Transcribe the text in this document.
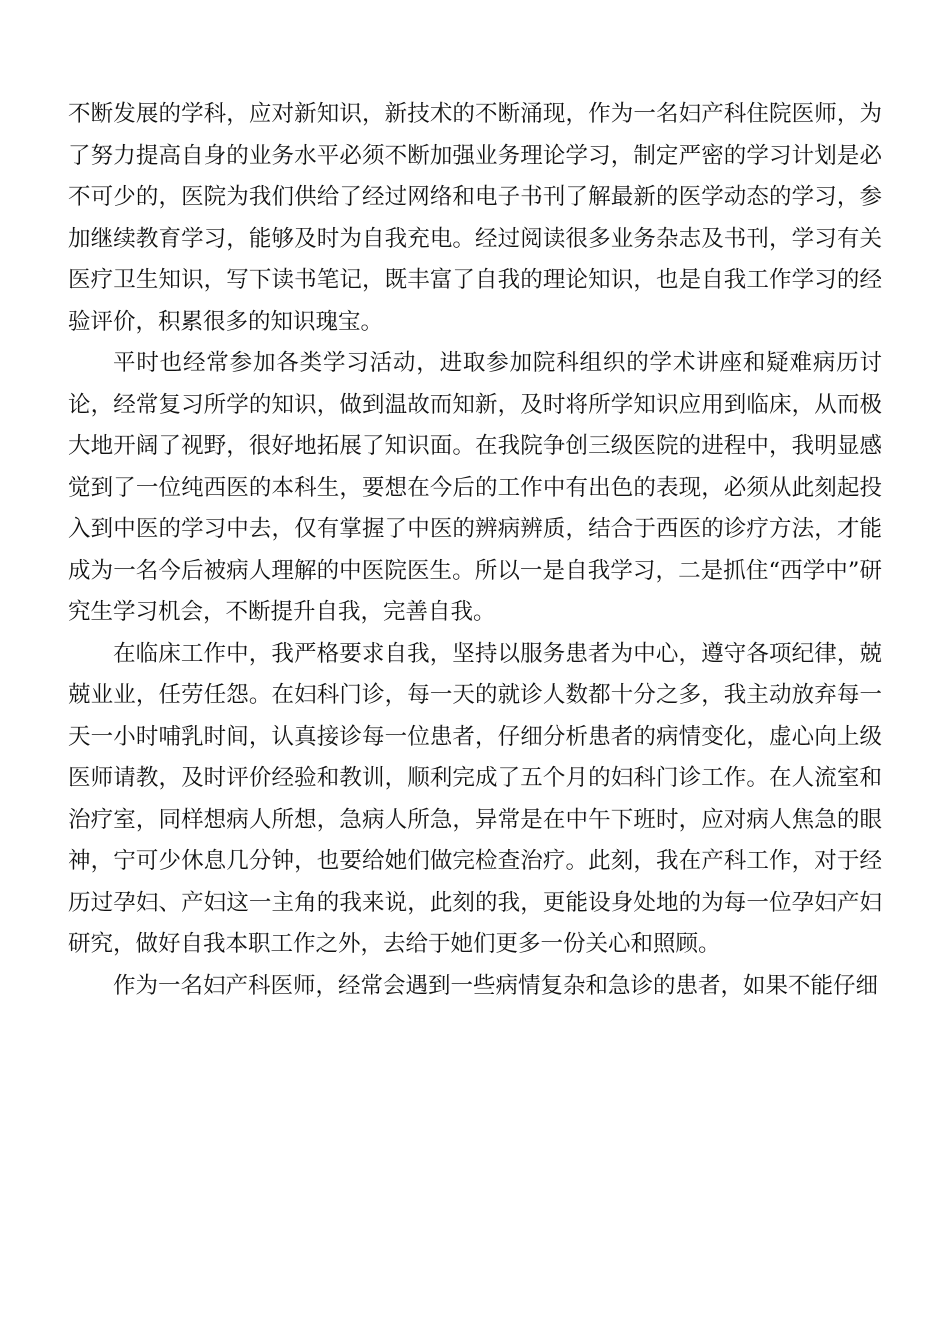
不断发展的学科，应对新知识，新技术的不断涌现，作为一名妇产科住院医师，为了努力提高自身的业务水平必须不断加强业务理论学习，制定严密的学习计划是必不可少的，医院为我们供给了经过网络和电子书刊了解最新的医学动态的学习，参加继续教育学习，能够及时为自我充电。经过阅读很多业务杂志及书刊，学习有关医疗卫生知识，写下读书笔记，既丰富了自我的理论知识，也是自我工作学习的经验评价，积累很多的知识瑰宝。

平时也经常参加各类学习活动，进取参加院科组织的学术讲座和疑难病历讨论，经常复习所学的知识，做到温故而知新，及时将所学知识应用到临床，从而极大地开阔了视野，很好地拓展了知识面。在我院争创三级医院的进程中，我明显感觉到了一位纯西医的本科生，要想在今后的工作中有出色的表现，必须从此刻起投入到中医的学习中去，仅有掌握了中医的辨病辨质，结合于西医的诊疗方法，才能成为一名今后被病人理解的中医院医生。所以一是自我学习，二是抓住“西学中”研究生学习机会，不断提升自我，完善自我。

在临床工作中，我严格要求自我，坚持以服务患者为中心，遵守各项纪律，兢兢业业，任劳任怨。在妇科门诊，每一天的就诊人数都十分之多，我主动放弃每一天一小时哺乳时间，认真接诊每一位患者，仔细分析患者的病情变化，虚心向上级医师请教，及时评价经验和教训，顺利完成了五个月的妇科门诊工作。在人流室和治疗室，同样想病人所想，急病人所急，异常是在中午下班时，应对病人焦急的眼神，宁可少休息几分钟，也要给她们做完检查治疗。此刻，我在产科工作，对于经历过孕妇、产妇这一主角的我来说，此刻的我，更能设身处地的为每一位孕妇产妇研究，做好自我本职工作之外，去给于她们更多一份关心和照顾。

作为一名妇产科医师，经常会遇到一些病情复杂和急诊的患者，如果不能仔细
